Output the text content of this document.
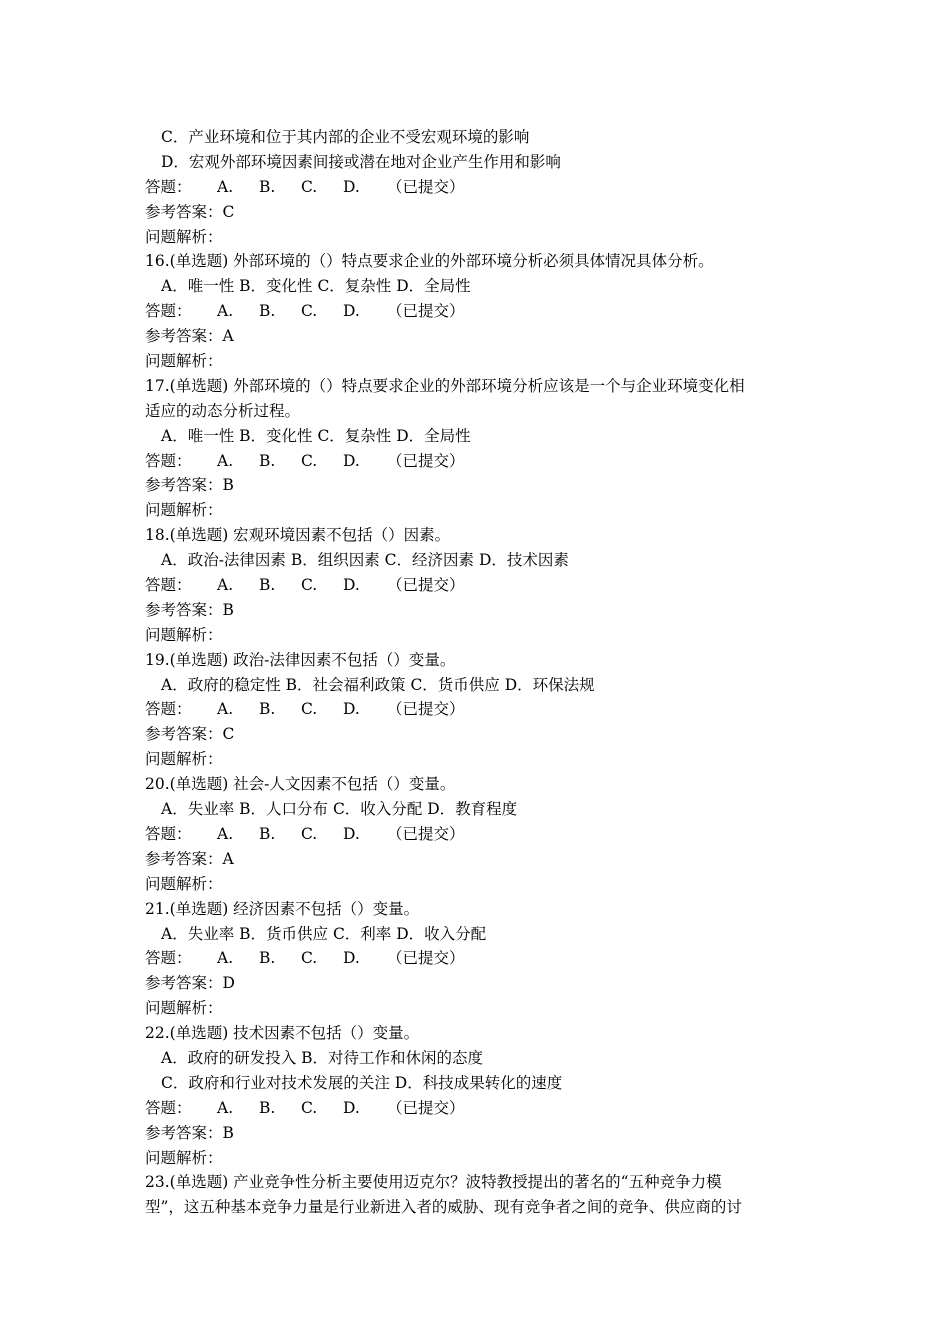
C．产业环境和位于其内部的企业不受宏观环境的影响
D．宏观外部环境因素间接或潜在地对企业产生作用和影响
答题： A. B. C. D. （已提交）
参考答案：C
问题解析：
16.(单选题) 外部环境的（）特点要求企业的外部环境分析必须具体情况具体分析。
A．唯一性 B．变化性 C．复杂性 D．全局性
答题： A. B. C. D. （已提交）
参考答案：A
问题解析：
17.(单选题) 外部环境的（）特点要求企业的外部环境分析应该是一个与企业环境变化相
适应的动态分析过程。
A．唯一性 B．变化性 C．复杂性 D．全局性
答题： A. B. C. D. （已提交）
参考答案：B
问题解析：
18.(单选题) 宏观环境因素不包括（）因素。
A．政治-法律因素 B．组织因素 C．经济因素 D．技术因素
答题： A. B. C. D. （已提交）
参考答案：B
问题解析：
19.(单选题) 政治-法律因素不包括（）变量。
A．政府的稳定性 B．社会福利政策 C．货币供应 D．环保法规
答题： A. B. C. D. （已提交）
参考答案：C
问题解析：
20.(单选题) 社会-人文因素不包括（）变量。
A．失业率 B．人口分布 C．收入分配 D．教育程度
答题： A. B. C. D. （已提交）
参考答案：A
问题解析：
21.(单选题) 经济因素不包括（）变量。
A．失业率 B．货币供应 C．利率 D．收入分配
答题： A. B. C. D. （已提交）
参考答案：D
问题解析：
22.(单选题) 技术因素不包括（）变量。
A．政府的研发投入 B．对待工作和休闲的态度
C．政府和行业对技术发展的关注 D．科技成果转化的速度
答题： A. B. C. D. （已提交）
参考答案：B
问题解析：
23.(单选题) 产业竞争性分析主要使用迈克尔？波特教授提出的著名的“五种竞争力模
型”，这五种基本竞争力量是行业新进入者的威胁、现有竞争者之间的竞争、供应商的讨
